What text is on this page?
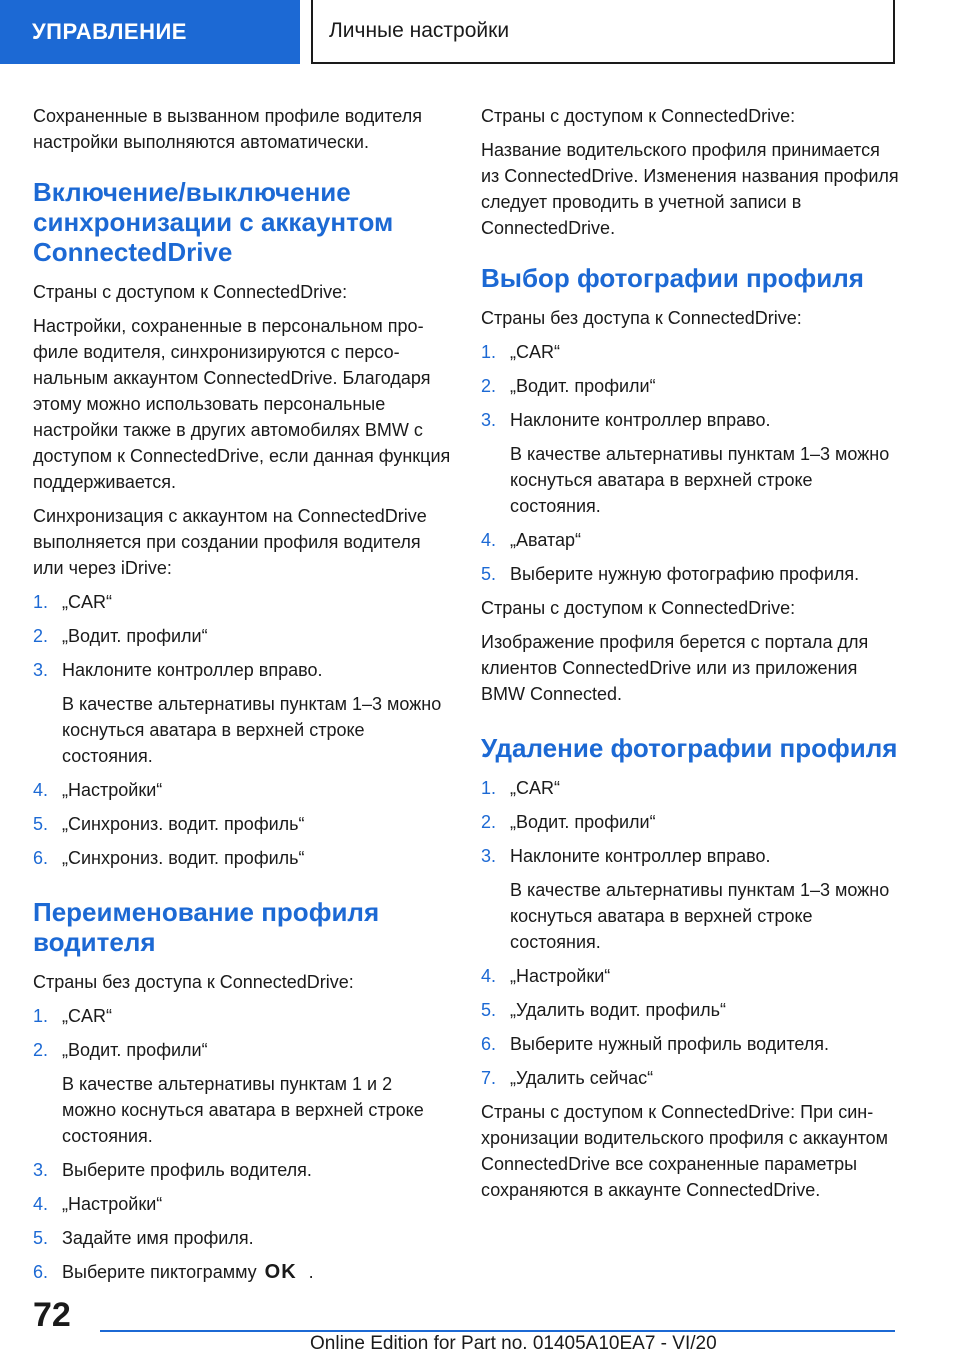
УПРАВЛЕНИЕ	Личные настройки

Сохраненные в вызванном профиле водителя настройки выполняются автоматически.

Включение/выключение синхронизации с аккаунтом ConnectedDrive

Страны с доступом к ConnectedDrive:

Настройки, сохраненные в персональном профиле водителя, синхронизируются с персональным аккаунтом ConnectedDrive. Благодаря этому можно использовать персональные настройки также в других автомобилях BMW с доступом к ConnectedDrive, если данная функция поддерживается.

Синхронизация с аккаунтом на ConnectedDrive выполняется при создании профиля водителя или через iDrive:

1. „CAR“
2. „Водит. профили“
3. Наклоните контроллер вправо.

В качестве альтернативы пунктам 1–3 можно коснуться аватара в верхней строке состояния.

4. „Настройки“
5. „Синхрониз. водит. профиль“
6. „Синхрониз. водит. профиль“
Переименование профиля водителя

Страны без доступа к ConnectedDrive:

1. „CAR“
2. „Водит. профили“

В качестве альтернативы пунктам 1 и 2 можно коснуться аватара в верхней строке состояния.

3. Выберите профиль водителя.
4. „Настройки“
5. Задайте имя профиля.
6. Выберите пиктограмму OK .

Страны с доступом к ConnectedDrive:

Название водительского профиля принимается из ConnectedDrive. Изменения названия профиля следует проводить в учетной записи в ConnectedDrive.

Выбор фотографии профиля

Страны без доступа к ConnectedDrive:

1. „CAR“
2. „Водит. профили“
3. Наклоните контроллер вправо.

В качестве альтернативы пунктам 1–3 можно коснуться аватара в верхней строке состояния.

4. „Аватар“
5. Выберите нужную фотографию профиля.

Страны с доступом к ConnectedDrive:

Изображение профиля берется с портала для клиентов ConnectedDrive или из приложения BMW Connected.

Удаление фотографии профиля
1. „CAR“
2. „Водит. профили“
3. Наклоните контроллер вправо.

В качестве альтернативы пунктам 1–3 можно коснуться аватара в верхней строке состояния.

4. „Настройки“
5. „Удалить водит. профиль“
6. Выберите нужный профиль водителя.
7. „Удалить сейчас“

Страны с доступом к ConnectedDrive: При синхронизации водительского профиля с аккаунтом ConnectedDrive все сохраненные параметры сохраняются в аккаунте ConnectedDrive.

72
Online Edition for Part no. 01405A10EA7 - VI/20
